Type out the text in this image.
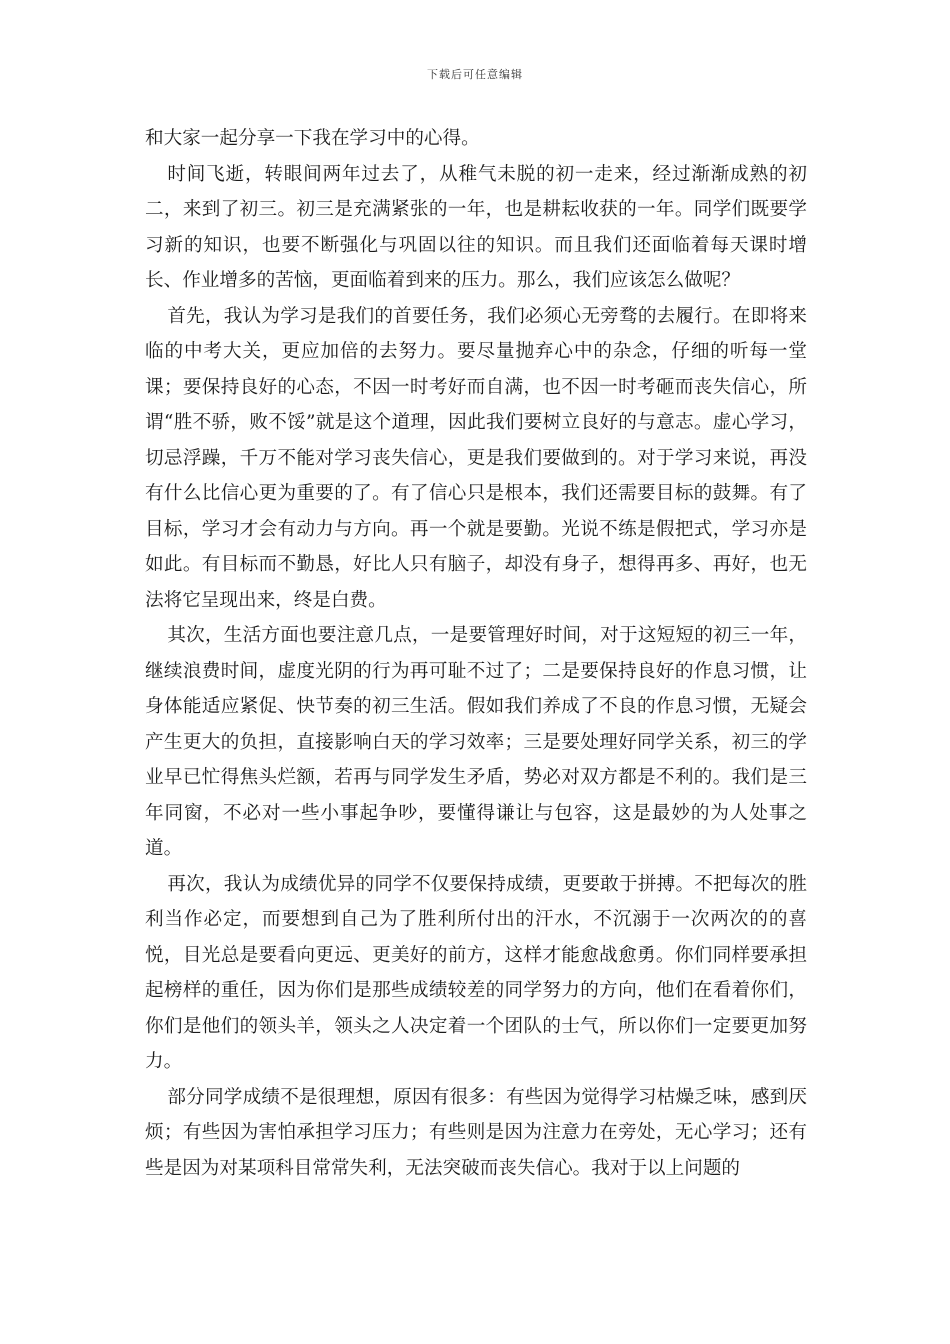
下载后可任意编辑

和大家一起分享一下我在学习中的心得。

时间飞逝，转眼间两年过去了，从稚气未脱的初一走来，经过渐渐成熟的初二，来到了初三。初三是充满紧张的一年，也是耕耘收获的一年。同学们既要学习新的知识，也要不断强化与巩固以往的知识。而且我们还面临着每天课时增长、作业增多的苦恼，更面临着到来的压力。那么，我们应该怎么做呢？

首先，我认为学习是我们的首要任务，我们必须心无旁骛的去履行。在即将来临的中考大关，更应加倍的去努力。要尽量抛弃心中的杂念，仔细的听每一堂课；要保持良好的心态，不因一时考好而自满，也不因一时考砸而丧失信心，所谓“胜不骄，败不馁”就是这个道理，因此我们要树立良好的与意志。虚心学习，切忌浮躁，千万不能对学习丧失信心，更是我们要做到的。对于学习来说，再没有什么比信心更为重要的了。有了信心只是根本，我们还需要目标的鼓舞。有了目标，学习才会有动力与方向。再一个就是要勤。光说不练是假把式，学习亦是如此。有目标而不勤恳，好比人只有脑子，却没有身子，想得再多、再好，也无法将它呈现出来，终是白费。

其次，生活方面也要注意几点，一是要管理好时间，对于这短短的初三一年，继续浪费时间，虚度光阴的行为再可耻不过了；二是要保持良好的作息习惯，让身体能适应紧促、快节奏的初三生活。假如我们养成了不良的作息习惯，无疑会产生更大的负担，直接影响白天的学习效率；三是要处理好同学关系，初三的学业早已忙得焦头烂额，若再与同学发生矛盾，势必对双方都是不利的。我们是三年同窗，不必对一些小事起争吵，要懂得谦让与包容，这是最妙的为人处事之道。

再次，我认为成绩优异的同学不仅要保持成绩，更要敢于拼搏。不把每次的胜利当作必定，而要想到自己为了胜利所付出的汗水，不沉溺于一次两次的的喜悦，目光总是要看向更远、更美好的前方，这样才能愈战愈勇。你们同样要承担起榜样的重任，因为你们是那些成绩较差的同学努力的方向，他们在看着你们，你们是他们的领头羊，领头之人决定着一个团队的士气，所以你们一定要更加努力。

部分同学成绩不是很理想，原因有很多：有些因为觉得学习枯燥乏味，感到厌烦；有些因为害怕承担学习压力；有些则是因为注意力在旁处，无心学习；还有些是因为对某项科目常常失利，无法突破而丧失信心。我对于以上问题的
